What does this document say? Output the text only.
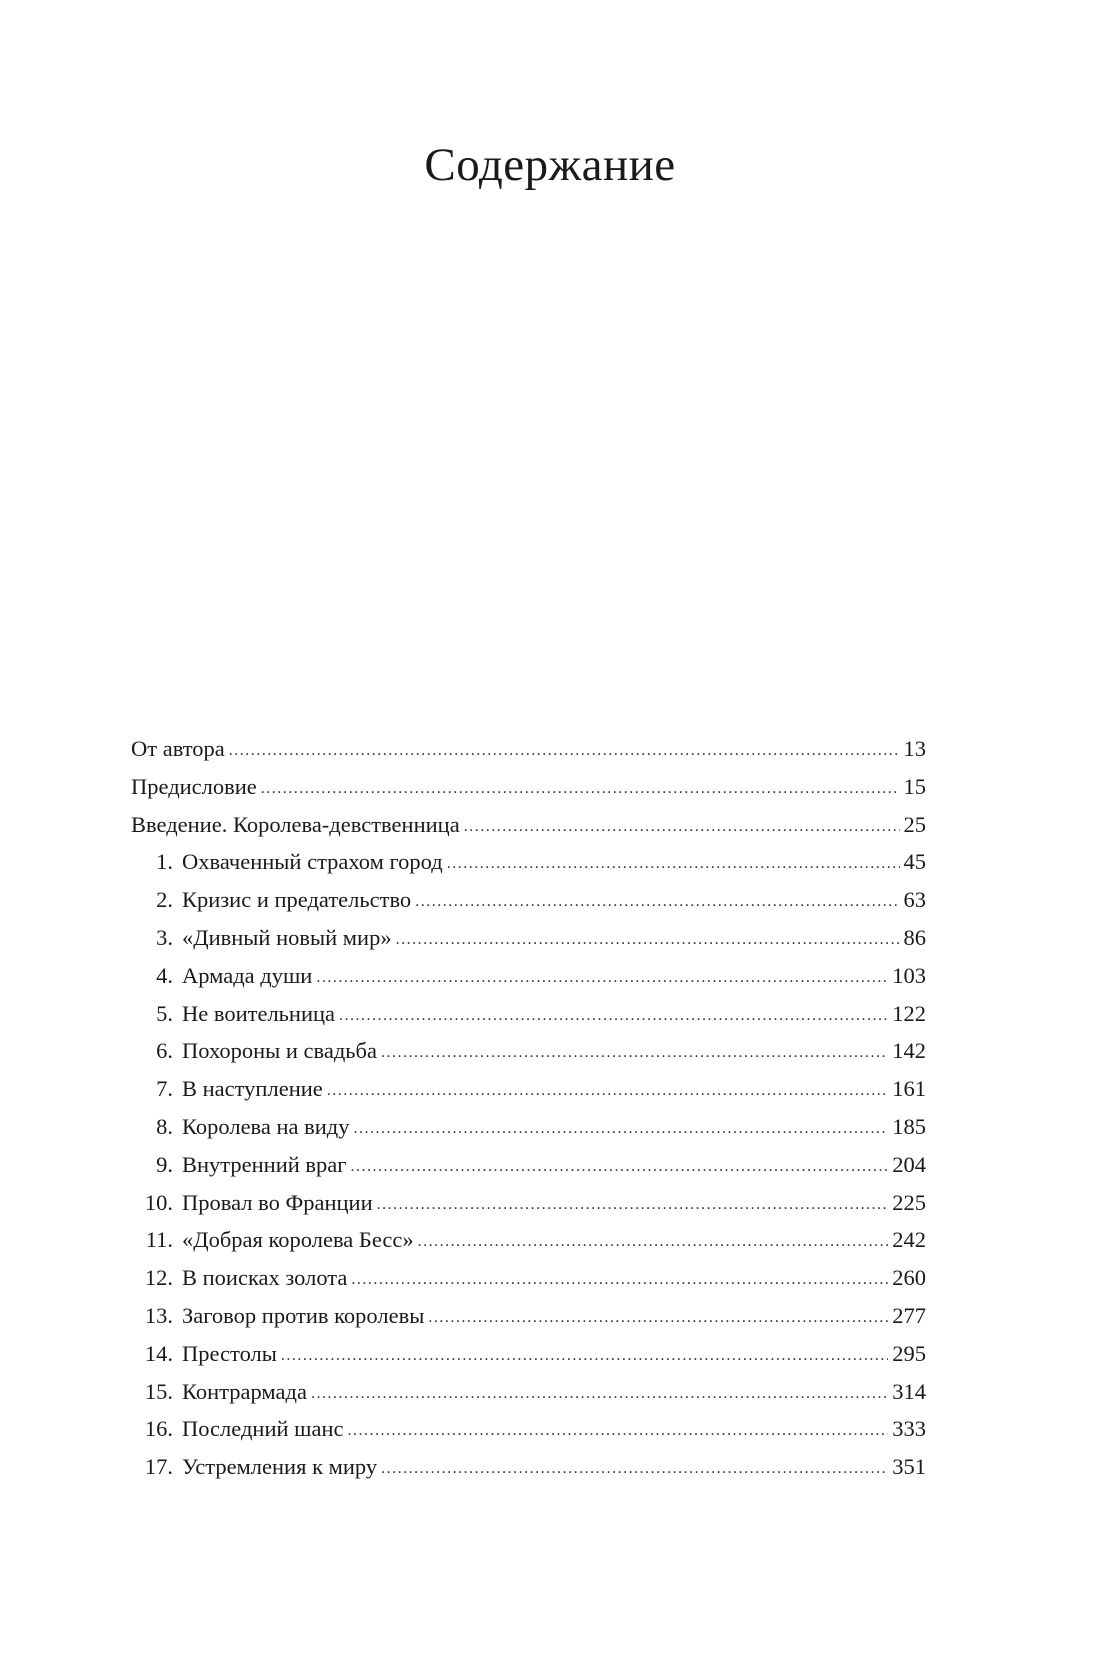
Содержание
От автора .....	13
Предисловие .....	15
Введение. Королева-девственница .....	25
1. Охваченный страхом город .....	45
2. Кризис и предательство .....	63
3. «Дивный новый мир» .....	86
4. Армада души .....	103
5. Не воительница .....	122
6. Похороны и свадьба .....	142
7. В наступление .....	161
8. Королева на виду .....	185
9. Внутренний враг .....	204
10. Провал во Франции .....	225
11. «Добрая королева Бесс» .....	242
12. В поисках золота .....	260
13. Заговор против королевы .....	277
14. Престолы .....	295
15. Контрармада .....	314
16. Последний шанс .....	333
17. Устремления к миру .....	351
